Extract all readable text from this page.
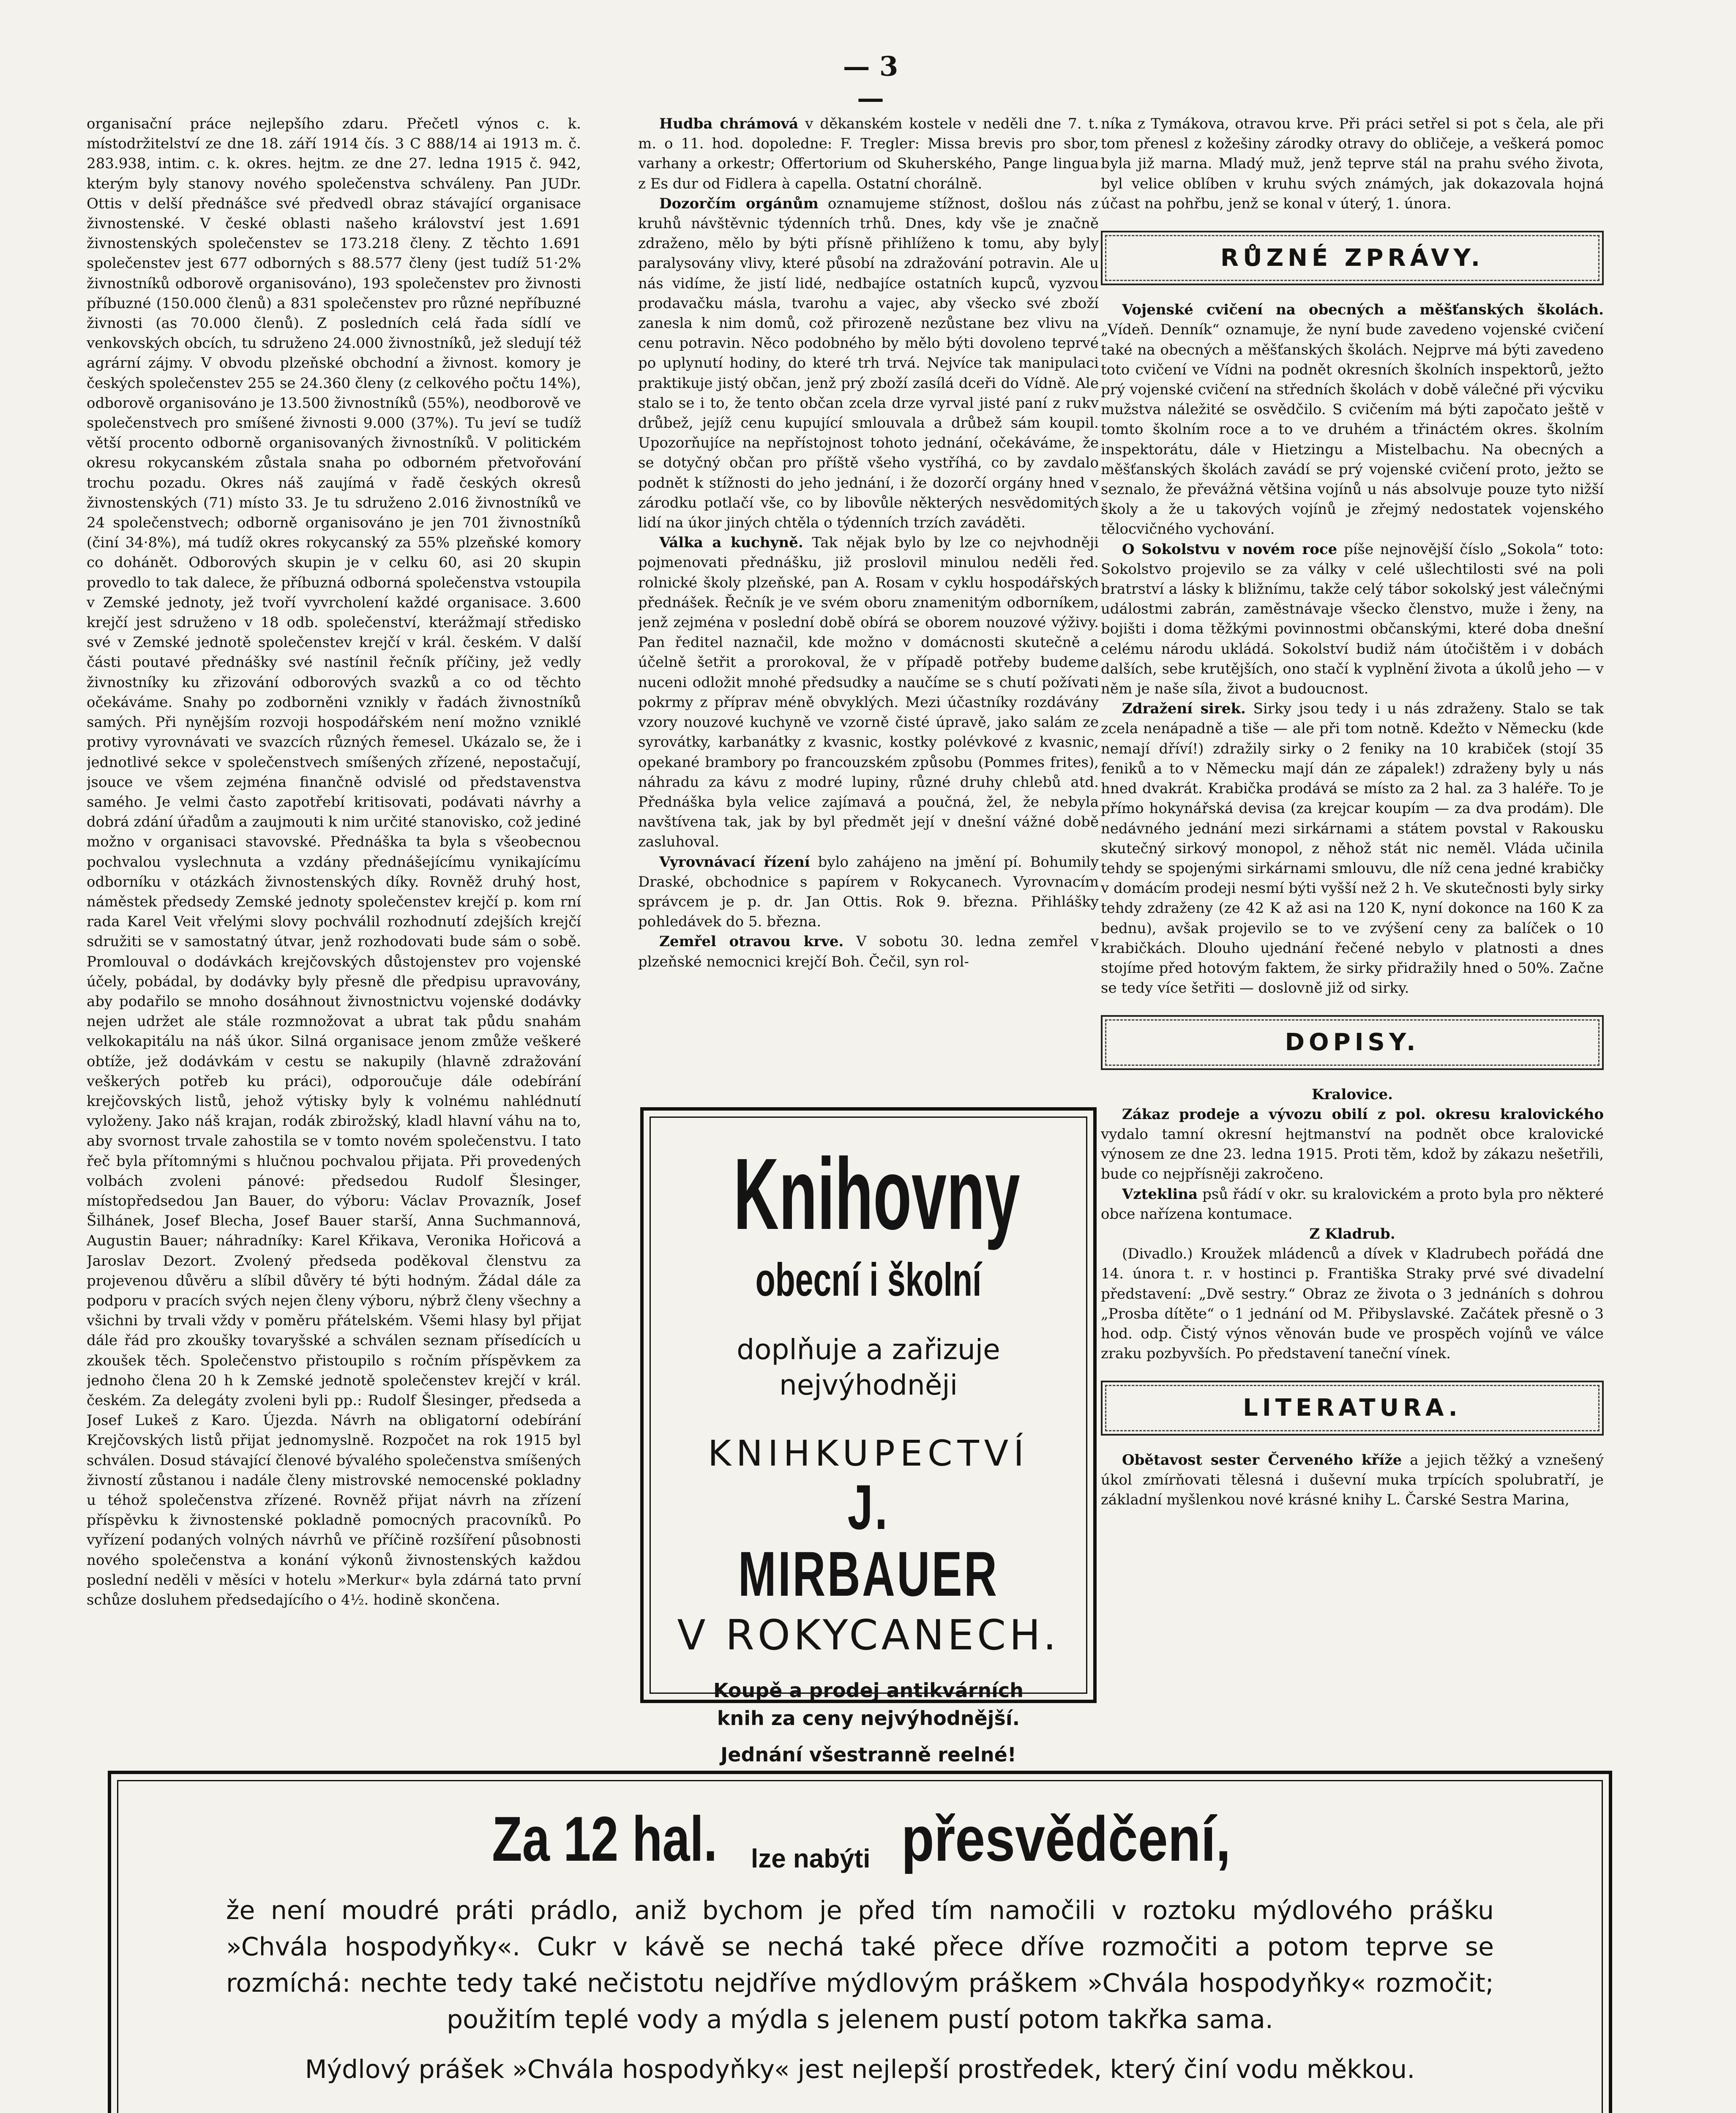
— 3 —

organisační práce nejlepšího zdaru. Přečetl výnos c. k. místodržitelství ze dne 18. září 1914 čís. 3 C 888/14 ai 1913 m. č. 283.938, intim. c. k. okres. hejtm. ze dne 27. ledna 1915 č. 942, kterým byly stanovy nového společenstva schváleny. Pan JUDr. Ottis v delší přednášce své předvedl obraz stávající organisace živnostenské. V české oblasti našeho království jest 1.691 živnostenských společenstev se 173.218 členy. Z těchto 1.691 společenstev jest 677 odborných s 88.577 členy (jest tudíž 51·2% živnostníků odborově organisováno), 193 společenstev pro živnosti příbuzné (150.000 členů) a 831 společenstev pro různé nepříbuzné živnosti (as 70.000 členů). Z posledních celá řada sídlí ve venkovských obcích, tu sdruženo 24.000 živnostníků, jež sledují též agrární zájmy. V obvodu plzeňské obchodní a živnost. komory je českých společenstev 255 se 24.360 členy (z celkového počtu 14%), odborově organisováno je 13.500 živnostníků (55%), neodborově ve společenstvech pro smíšené živnosti 9.000 (37%). Tu jeví se tudíž větší procento odborně organisovaných živnostníků. V politickém okresu rokycanském zůstala snaha po odborném přetvořování trochu pozadu. Okres náš zaujímá v řadě českých okresů živnostenských (71) místo 33. Je tu sdruženo 2.016 živnostníků ve 24 společenstvech; odborně organisováno je jen 701 živnostníků (činí 34·8%), má tudíž okres rokycanský za 55% plzeňské komory co dohánět. Odborových skupin je v celku 60, asi 20 skupin provedlo to tak dalece, že příbuzná odborná společenstva vstoupila v Zemské jednoty, jež tvoří vyvrcholení každé organisace. 3.600 krejčí jest sdruženo v 18 odb. společenství, kterážmají středisko své v Zemské jednotě společenstev krejčí v král. českém. V další části poutavé přednášky své nastínil řečník příčiny, jež vedly živnostníky ku zřizování odborových svazků a co od těchto očekáváme. Snahy po zodborněni vznikly v řadách živnostníků samých. Při nynějším rozvoji hospodářském není možno vzniklé protivy vyrovnávati ve svazcích různých řemesel. Ukázalo se, že i jednotlivé sekce v společenstvech smíšených zřízené, nepostačují, jsouce ve všem zejména finančně odvislé od představenstva samého. Je velmi často zapotřebí kritisovati, podávati návrhy a dobrá zdání úřadům a zaujmouti k nim určité stanovisko, což jediné možno v organisaci stavovské. Přednáška ta byla s všeobecnou pochvalou vyslechnuta a vzdány přednášejícímu vynikajícímu odborníku v otázkách živnostenských díky. Rovněž druhý host, náměstek předsedy Zemské jednoty společenstev krejčí p. kom rní rada Karel Veit vřelými slovy pochválil rozhodnutí zdejších krejčí sdružiti se v samostatný útvar, jenž rozhodovati bude sám o sobě. Promlouval o dodávkách krejčovských důstojenstev pro vojenské účely, pobádal, by dodávky byly přesně dle předpisu upravovány, aby podařilo se mnoho dosáhnout živnostnictvu vojenské dodávky nejen udržet ale stále rozmnožovat a ubrat tak půdu snahám velkokapitálu na náš úkor. Silná organisace jenom zmůže veškeré obtíže, jež dodávkám v cestu se nakupily (hlavně zdražování veškerých potřeb ku práci), odporoučuje dále odebírání krejčovských listů, jehož výtisky byly k volnému nahlédnutí vyloženy. Jako náš krajan, rodák zbirožský, kladl hlavní váhu na to, aby svornost trvale zahostila se v tomto novém společenstvu. I tato řeč byla přítomnými s hlučnou pochvalou přijata. Při provedených volbách zvoleni pánové: předsedou Rudolf Šlesinger, místopředsedou Jan Bauer, do výboru: Václav Provazník, Josef Šilhánek, Josef Blecha, Josef Bauer starší, Anna Suchmannová, Augustin Bauer; náhradníky: Karel Křikava, Veronika Hořicová a Jaroslav Dezort. Zvolený předseda poděkoval členstvu za projevenou důvěru a slíbil důvěry té býti hodným. Žádal dále za podporu v pracích svých nejen členy výboru, nýbrž členy všechny a všichni by trvali vždy v poměru přátelském. Všemi hlasy byl přijat dále řád pro zkoušky tovaryšské a schválen seznam přísedících u zkoušek těch. Společenstvo přistoupilo s ročním příspěvkem za jednoho člena 20 h k Zemské jednotě společenstev krejčí v král. českém. Za delegáty zvoleni byli pp.: Rudolf Šlesinger, předseda a Josef Lukeš z Karo. Újezda. Návrh na obligatorní odebírání Krejčovských listů přijat jednomyslně. Rozpočet na rok 1915 byl schválen. Dosud stávající členové bývalého společenstva smíšených živností zůstanou i nadále členy mistrovské nemocenské pokladny u téhož společenstva zřízené. Rovněž přijat návrh na zřízení příspěvku k živnostenské pokladně pomocných pracovníků. Po vyřízení podaných volných návrhů ve příčině rozšíření působnosti nového společenstva a konání výkonů živnostenských každou poslední neděli v měsíci v hotelu »Merkur« byla zdárná tato první schůze dosluhem předsedajícího o 4½. hodině skončena.

Hudba chrámová v děkanském kostele v neděli dne 7. t. m. o 11. hod. dopoledne: F. Tregler: Missa brevis pro sbor, varhany a orkestr; Offertorium od Skuherského, Pange lingua z Es dur od Fidlera à capella. Ostatní chorálně.

Dozorčím orgánům oznamujeme stížnost, došlou nás z kruhů návštěvnic týdenních trhů. Dnes, kdy vše je značně zdraženo, mělo by býti přísně přihlíženo k tomu, aby byly paralysovány vlivy, které působí na zdražování potravin. Ale u nás vidíme, že jistí lidé, nedbajíce ostatních kupců, vyzvou prodavačku másla, tvarohu a vajec, aby všecko své zboží zanesla k nim domů, což přirozeně nezůstane bez vlivu na cenu potravin. Něco podobného by mělo býti dovoleno teprvé po uplynutí hodiny, do které trh trvá. Nejvíce tak manipulaci praktikuje jistý občan, jenž prý zboží zasílá dceři do Vídně. Ale stalo se i to, že tento občan zcela drze vyrval jisté paní z rukv drůbež, jejíž cenu kupující smlouvala a drůbež sám koupil. Upozorňujíce na nepřístojnost tohoto jednání, očekáváme, že se dotyčný občan pro příště všeho vystříhá, co by zavdalo podnět k stížnosti do jeho jednání, i že dozorčí orgány hned v zárodku potlačí vše, co by libovůle některých nesvědomitých lidí na úkor jiných chtěla o týdenních trzích zaváděti.

Válka a kuchyně. Tak nějak bylo by lze co nejvhodněji pojmenovati přednášku, již proslovil minulou neděli řed. rolnické školy plzeňské, pan A. Rosam v cyklu hospodářských přednášek. Řečník je ve svém oboru znamenitým odborníkem, jenž zejména v poslední době obírá se oborem nouzové výživy. Pan ředitel naznačil, kde možno v domácnosti skutečně a účelně šetřit a prorokoval, že v případě potřeby budeme nuceni odložit mnohé předsudky a naučíme se s chutí požívati pokrmy z příprav méně obvyklých. Mezi účastníky rozdávány vzory nouzové kuchyně ve vzorně čisté úpravě, jako salám ze syrovátky, karbanátky z kvasnic, kostky polévkové z kvasnic, opekané brambory po francouzském způsobu (Pommes frites), náhradu za kávu z modré lupiny, různé druhy chlebů atd. Přednáška byla velice zajímavá a poučná, žel, že nebyla navštívena tak, jak by byl předmět její v dnešní vážné době zasluhoval.

Vyrovnávací řízení bylo zahájeno na jmění pí. Bohumily Draské, obchodnice s papírem v Rokycanech. Vyrovnacím správcem je p. dr. Jan Ottis. Rok 9. března. Přihlášky pohledávek do 5. března.

Zemřel otravou krve. V sobotu 30. ledna zemřel v plzeňské nemocnici krejčí Boh. Čečil, syn rol-

Knihovny
obecní i školní
doplňuje a zařizuje
nejvýhodněji
KNIHKUPECTVÍ
J. MIRBAUER
V ROKYCANECH.
Koupě a prodej antikvárních
knih za ceny nejvýhodnější.
Jednání všestranně reelné!

níka z Tymákova, otravou krve. Při práci setřel si pot s čela, ale při tom přenesl z kožešiny zárodky otravy do obličeje, a veškerá pomoc byla již marna. Mladý muž, jenž teprve stál na prahu svého života, byl velice oblíben v kruhu svých známých, jak dokazovala hojná účast na pohřbu, jenž se konal v úterý, 1. února.

RŮZNÉ ZPRÁVY.

Vojenské cvičení na obecných a měšťanských školách. „Vídeň. Denník“ oznamuje, že nyní bude zavedeno vojenské cvičení také na obecných a měšťanských školách. Nejprve má býti zavedeno toto cvičení ve Vídni na podnět okresních školních inspektorů, ježto prý vojenské cvičení na středních školách v době válečné při výcviku mužstva náležité se osvědčilo. S cvičením má býti započato ještě v tomto školním roce a to ve druhém a třináctém okres. školním inspektorátu, dále v Hietzingu a Mistelbachu. Na obecných a měšťanských školách zavádí se prý vojenské cvičení proto, ježto se seznalo, že převážná většina vojínů u nás absolvuje pouze tyto nižší školy a že u takových vojínů je zřejmý nedostatek vojenského tělocvičného vychování.

O Sokolstvu v novém roce píše nejnovější číslo „Sokola“ toto: Sokolstvo projevilo se za války v celé ušlechtilosti své na poli bratrství a lásky k bližnímu, takže celý tábor sokolský jest válečnými událostmi zabrán, zaměstnávaje všecko členstvo, muže i ženy, na bojišti i doma těžkými povinnostmi občanskými, které doba dnešní celému národu ukládá. Sokolství budiž nám útočištěm i v dobách dalších, sebe krutějších, ono stačí k vyplnění života a úkolů jeho — v něm je naše síla, život a budoucnost.

Zdražení sirek. Sirky jsou tedy i u nás zdraženy. Stalo se tak zcela nenápadně a tiše — ale při tom notně. Kdežto v Německu (kde nemají dříví!) zdražily sirky o 2 feniky na 10 krabiček (stojí 35 feniků a to v Německu mají dán ze zápalek!) zdraženy byly u nás hned dvakrát. Krabička prodává se místo za 2 hal. za 3 haléře. To je přímo hokynářská devisa (za krejcar koupím — za dva prodám). Dle nedávného jednání mezi sirkárnami a státem povstal v Rakousku skutečný sirkový monopol, z něhož stát nic neměl. Vláda učinila tehdy se spojenými sirkárnami smlouvu, dle níž cena jedné krabičky v domácím prodeji nesmí býti vyšší než 2 h. Ve skutečnosti byly sirky tehdy zdraženy (ze 42 K až asi na 120 K, nyní dokonce na 160 K za bednu), avšak projevilo se to ve zvýšení ceny za balíček o 10 krabičkách. Dlouho ujednání řečené nebylo v platnosti a dnes stojíme před hotovým faktem, že sirky přidražily hned o 50%. Začne se tedy více šetřiti — doslovně již od sirky.

DOPISY.

Kralovice.

Zákaz prodeje a vývozu obilí z pol. okresu kralovického vydalo tamní okresní hejtmanství na podnět obce kralovické výnosem ze dne 23. ledna 1915. Proti těm, kdož by zákazu nešetřili, bude co nejpřísněji zakročeno.

Vzteklina psů řádí v okr. su kralovickém a proto byla pro některé obce nařízena kontumace.

Z Kladrub.

(Divadlo.) Kroužek mládenců a dívek v Kladrubech pořádá dne 14. února t. r. v hostinci p. Františka Straky prvé své divadelní představení: „Dvě sestry.“ Obraz ze života o 3 jednáních s dohrou „Prosba dítěte“ o 1 jednání od M. Přibyslavské. Začátek přesně o 3 hod. odp. Čistý výnos věnován bude ve prospěch vojínů ve válce zraku pozbyvších. Po představení taneční vínek.

LITERATURA.

Obětavost sester Červeného kříže a jejich těžký a vznešený úkol zmírňovati tělesná i duševní muka trpících spolubratří, je základní myšlenkou nové krásné knihy L. Čarské Sestra Marina,

Za 12 hal. lze nabýti přesvědčení,
že není moudré práti prádlo, aniž bychom je před tím namočili v roztoku mýdlového prášku »Chvála hospodyňky«. Cukr v kávě se nechá také přece dříve rozmočiti a potom teprve se rozmíchá: nechte tedy také nečistotu nejdříve mýdlovým práškem »Chvála hospodyňky« rozmočit; použitím teplé vody a mýdla s jelenem pustí potom takřka sama.
Mýdlový prášek »Chvála hospodyňky« jest nejlepší prostředek, který činí vodu měkkou.
